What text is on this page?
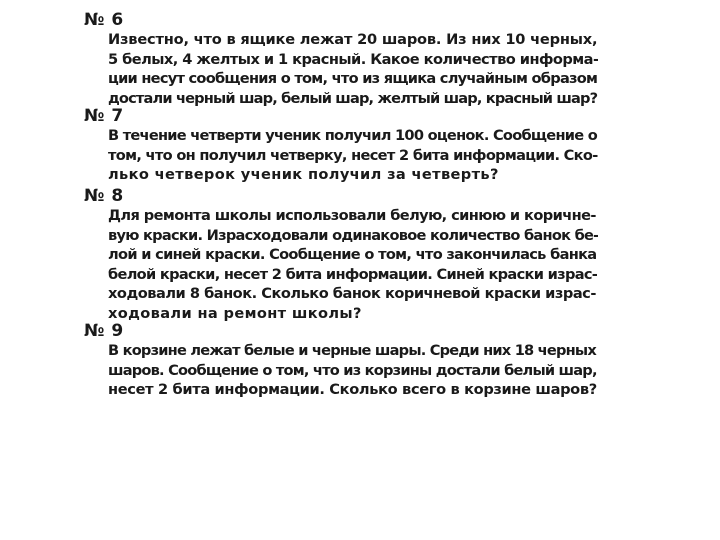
№ 6

Известно, что в ящике лежат 20 шаров. Из них 10 черных,
5 белых, 4 желтых и 1 красный. Какое количество информа-
ции несут сообщения о том, что из ящика случайным образом
достали черный шар, белый шар, желтый шар, красный шар?

№ 7

В течение четверти ученик получил 100 оценок. Сообщение о
том, что он получил четверку, несет 2 бита информации. Ско-
лько четверок ученик получил за четверть?

№ 8

Для ремонта школы использовали белую, синюю и коричне-
вую краски. Израсходовали одинаковое количество банок бе-
лой и синей краски. Сообщение о том, что закончилась банка
белой краски, несет 2 бита информации. Синей краски израс-
ходовали 8 банок. Сколько банок коричневой краски израс-
ходовали на ремонт школы?

№ 9

В корзине лежат белые и черные шары. Среди них 18 черных
шаров. Сообщение о том, что из корзины достали белый шар,
несет 2 бита информации. Сколько всего в корзине шаров?
